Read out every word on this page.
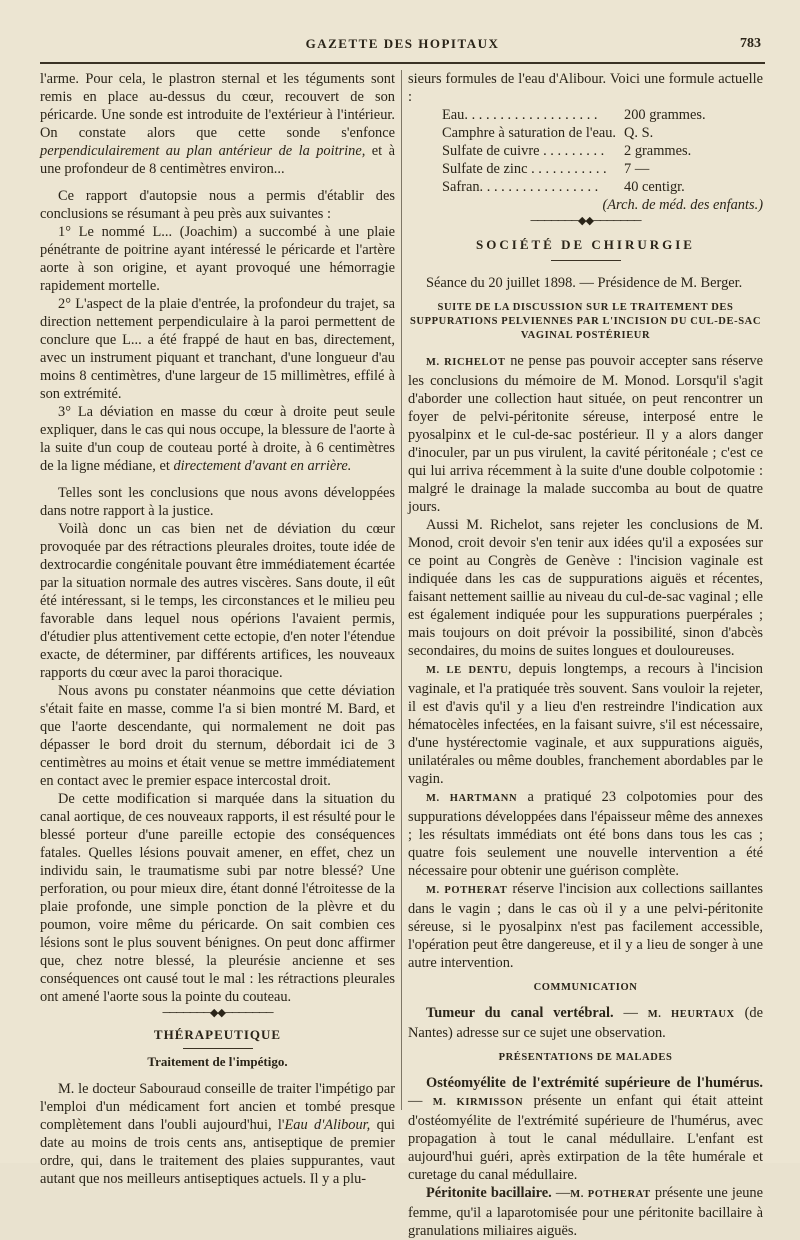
GAZETTE DES HOPITAUX	783

l'arme. Pour cela, le plastron sternal et les téguments sont remis en place au-dessus du cœur, recouvert de son péricarde. Une sonde est introduite de l'extérieur à l'intérieur. On constate alors que cette sonde s'enfonce perpendiculairement au plan antérieur de la poitrine, et à une profondeur de 8 centimètres environ...

Ce rapport d'autopsie nous a permis d'établir des conclusions se résumant à peu près aux suivantes :

1° Le nommé L... (Joachim) a succombé à une plaie pénétrante de poitrine ayant intéressé le péricarde et l'artère aorte à son origine, et ayant provoqué une hémorragie rapidement mortelle.

2° L'aspect de la plaie d'entrée, la profondeur du trajet, sa direction nettement perpendiculaire à la paroi permettent de conclure que L... a été frappé de haut en bas, directement, avec un instrument piquant et tranchant, d'une longueur d'au moins 8 centimètres, d'une largeur de 15 millimètres, effilé à son extrémité.

3° La déviation en masse du cœur à droite peut seule expliquer, dans le cas qui nous occupe, la blessure de l'aorte à la suite d'un coup de couteau porté à droite, à 6 centimètres de la ligne médiane, et directement d'avant en arrière.

Telles sont les conclusions que nous avons développées dans notre rapport à la justice.

Voilà donc un cas bien net de déviation du cœur provoquée par des rétractions pleurales droites, toute idée de dextrocardie congénitale pouvant être immédiatement écartée par la situation normale des autres viscères. Sans doute, il eût été intéressant, si le temps, les circonstances et le milieu peu favorable dans lequel nous opérions l'avaient permis, d'étudier plus attentivement cette ectopie, d'en noter l'étendue exacte, de déterminer, par différents artifices, les nouveaux rapports du cœur avec la paroi thoracique.

Nous avons pu constater néanmoins que cette déviation s'était faite en masse, comme l'a si bien montré M. Bard, et que l'aorte descendante, qui normalement ne doit pas dépasser le bord droit du sternum, débordait ici de 3 centimètres au moins et était venue se mettre immédiatement en contact avec le premier espace intercostal droit.

De cette modification si marquée dans la situation du canal aortique, de ces nouveaux rapports, il est résulté pour le blessé porteur d'une pareille ectopie des conséquences fatales. Quelles lésions pouvait amener, en effet, chez un individu sain, le traumatisme subi par notre blessé? Une perforation, ou pour mieux dire, étant donné l'étroitesse de la plaie profonde, une simple ponction de la plèvre et du poumon, voire même du péricarde. On sait combien ces lésions sont le plus souvent bénignes. On peut donc affirmer que, chez notre blessé, la pleurésie ancienne et ses conséquences ont causé tout le mal : les rétractions pleurales ont amené l'aorte sous la pointe du couteau.

───────◆◆───────
THÉRAPEUTIQUE
Traitement de l'impétigo.

M. le docteur Sabouraud conseille de traiter l'impétigo par l'emploi d'un médicament fort ancien et tombé presque complètement dans l'oubli aujourd'hui, l'Eau d'Alibour, qui date au moins de trois cents ans, antiseptique de premier ordre, qui, dans le traitement des plaies suppurantes, vaut autant que nos meilleurs antiseptiques actuels. Il y a plu-

sieurs formules de l'eau d'Alibour. Voici une formule actuelle :

Eau. . . . . . . . . . . . . . . . . . .	200 grammes.
Camphre à saturation de l'eau.	Q. S.
Sulfate de cuivre . . . . . . . . .	2 grammes.
Sulfate de zinc . . . . . . . . . . .	7 —
Safran. . . . . . . . . . . . . . . . .	40 centigr.
(Arch. de méd. des enfants.)
───────◆◆───────
SOCIÉTÉ DE CHIRURGIE

Séance du 20 juillet 1898. — Présidence de M. Berger.

SUITE DE LA DISCUSSION SUR LE TRAITEMENT DES SUPPURATIONS PELVIENNES PAR L'INCISION DU CUL-DE-SAC VAGINAL POSTÉRIEUR

M. RICHELOT ne pense pas pouvoir accepter sans réserve les conclusions du mémoire de M. Monod. Lorsqu'il s'agit d'aborder une collection haut située, on peut rencontrer un foyer de pelvi-péritonite séreuse, interposé entre le pyosalpinx et le cul-de-sac postérieur. Il y a alors danger d'inoculer, par un pus virulent, la cavité péritonéale ; c'est ce qui lui arriva récemment à la suite d'une double colpotomie : malgré le drainage la malade succomba au bout de quatre jours.

Aussi M. Richelot, sans rejeter les conclusions de M. Monod, croit devoir s'en tenir aux idées qu'il a exposées sur ce point au Congrès de Genève : l'incision vaginale est indiquée dans les cas de suppurations aiguës et récentes, faisant nettement saillie au niveau du cul-de-sac vaginal ; elle est également indiquée pour les suppurations puerpérales ; mais toujours on doit prévoir la possibilité, sinon d'abcès secondaires, du moins de suites longues et douloureuses.

M. LE DENTU, depuis longtemps, a recours à l'incision vaginale, et l'a pratiquée très souvent. Sans vouloir la rejeter, il est d'avis qu'il y a lieu d'en restreindre l'indication aux hématocèles infectées, en la faisant suivre, s'il est nécessaire, d'une hystérectomie vaginale, et aux suppurations aiguës, unilatérales ou même doubles, franchement abordables par le vagin.

M. HARTMANN a pratiqué 23 colpotomies pour des suppurations développées dans l'épaisseur même des annexes ; les résultats immédiats ont été bons dans tous les cas ; quatre fois seulement une nouvelle intervention a été nécessaire pour obtenir une guérison complète.

M. POTHERAT réserve l'incision aux collections saillantes dans le vagin ; dans le cas où il y a une pelvi-péritonite séreuse, si le pyosalpinx n'est pas facilement accessible, l'opération peut être dangereuse, et il y a lieu de songer à une autre intervention.

COMMUNICATION

Tumeur du canal vertébral. — M. HEURTAUX (de Nantes) adresse sur ce sujet une observation.

PRÉSENTATIONS DE MALADES

Ostéomyélite de l'extrémité supérieure de l'humérus. — M. KIRMISSON présente un enfant qui était atteint d'ostéomyélite de l'extrémité supérieure de l'humérus, avec propagation à tout le canal médullaire. L'enfant est aujourd'hui guéri, après extirpation de la tête humérale et curetage du canal médullaire.

Péritonite bacillaire. —M. POTHERAT présente une jeune femme, qu'il a laparotomisée pour une péritonite bacillaire à granulations miliaires aiguës.
